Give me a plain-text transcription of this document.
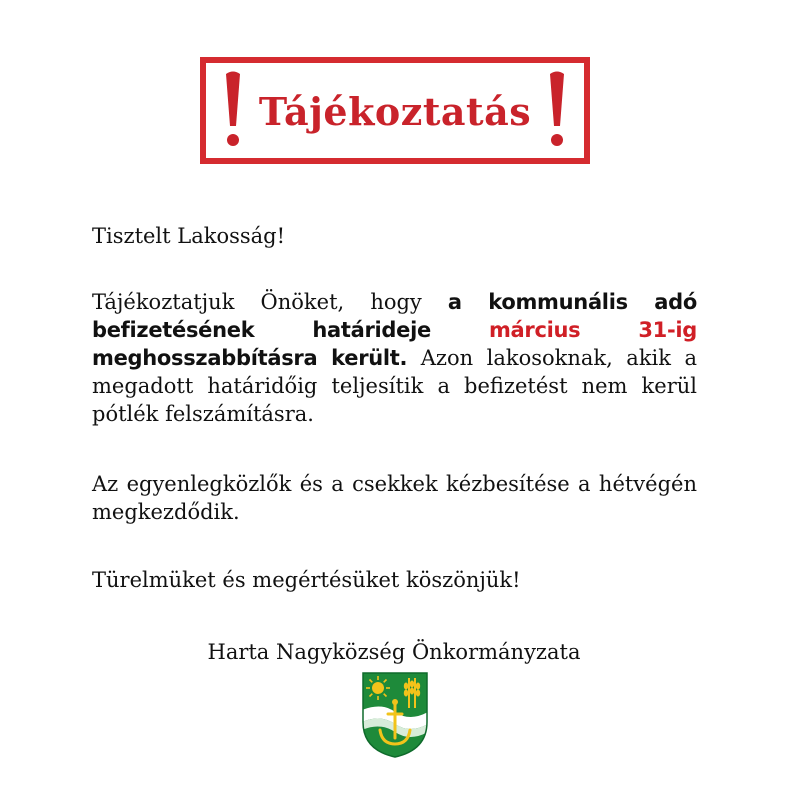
Tájékoztatás
Tisztelt Lakosság!
Tájékoztatjuk Önöket, hogy a kommunális adó befizetésének határideje március 31-ig meghosszabbításra került. Azon lakosoknak, akik a megadott határidőig teljesítik a befizetést nem kerül pótlék felszámításra.
Az egyenlegközlők és a csekkek kézbesítése a hétvégén megkezdődik.
Türelmüket és megértésüket köszönjük!
Harta Nagyközség Önkormányzata
